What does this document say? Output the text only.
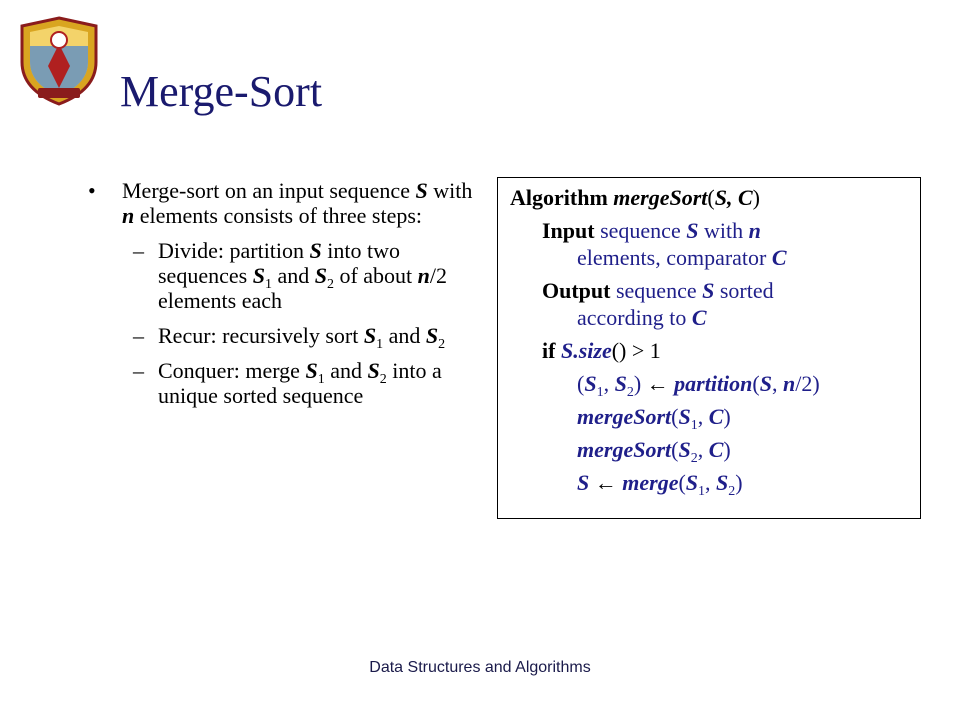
Merge-Sort
•	Merge-sort on an input sequence S with n elements consists of three steps:
– Divide: partition S into two sequences $S_1$ and $S_2$ of about n/2 elements each
– Recur: recursively sort $S_1$ and $S_2$
– Conquer: merge $S_1$ and $S_2$ into a unique sorted sequence
Algorithm mergeSort(S, C)
Input sequence S with n
elements, comparator C
Output sequence S sorted
according to C
if S.size() > 1
($S_1$, $S_2$) ← partition(S, n/2)
$mergeSort(S_1$, C)
$mergeSort(S_2$, C)
S ← $merge(S_1$, $S_2$)
Data Structures and Algorithms
